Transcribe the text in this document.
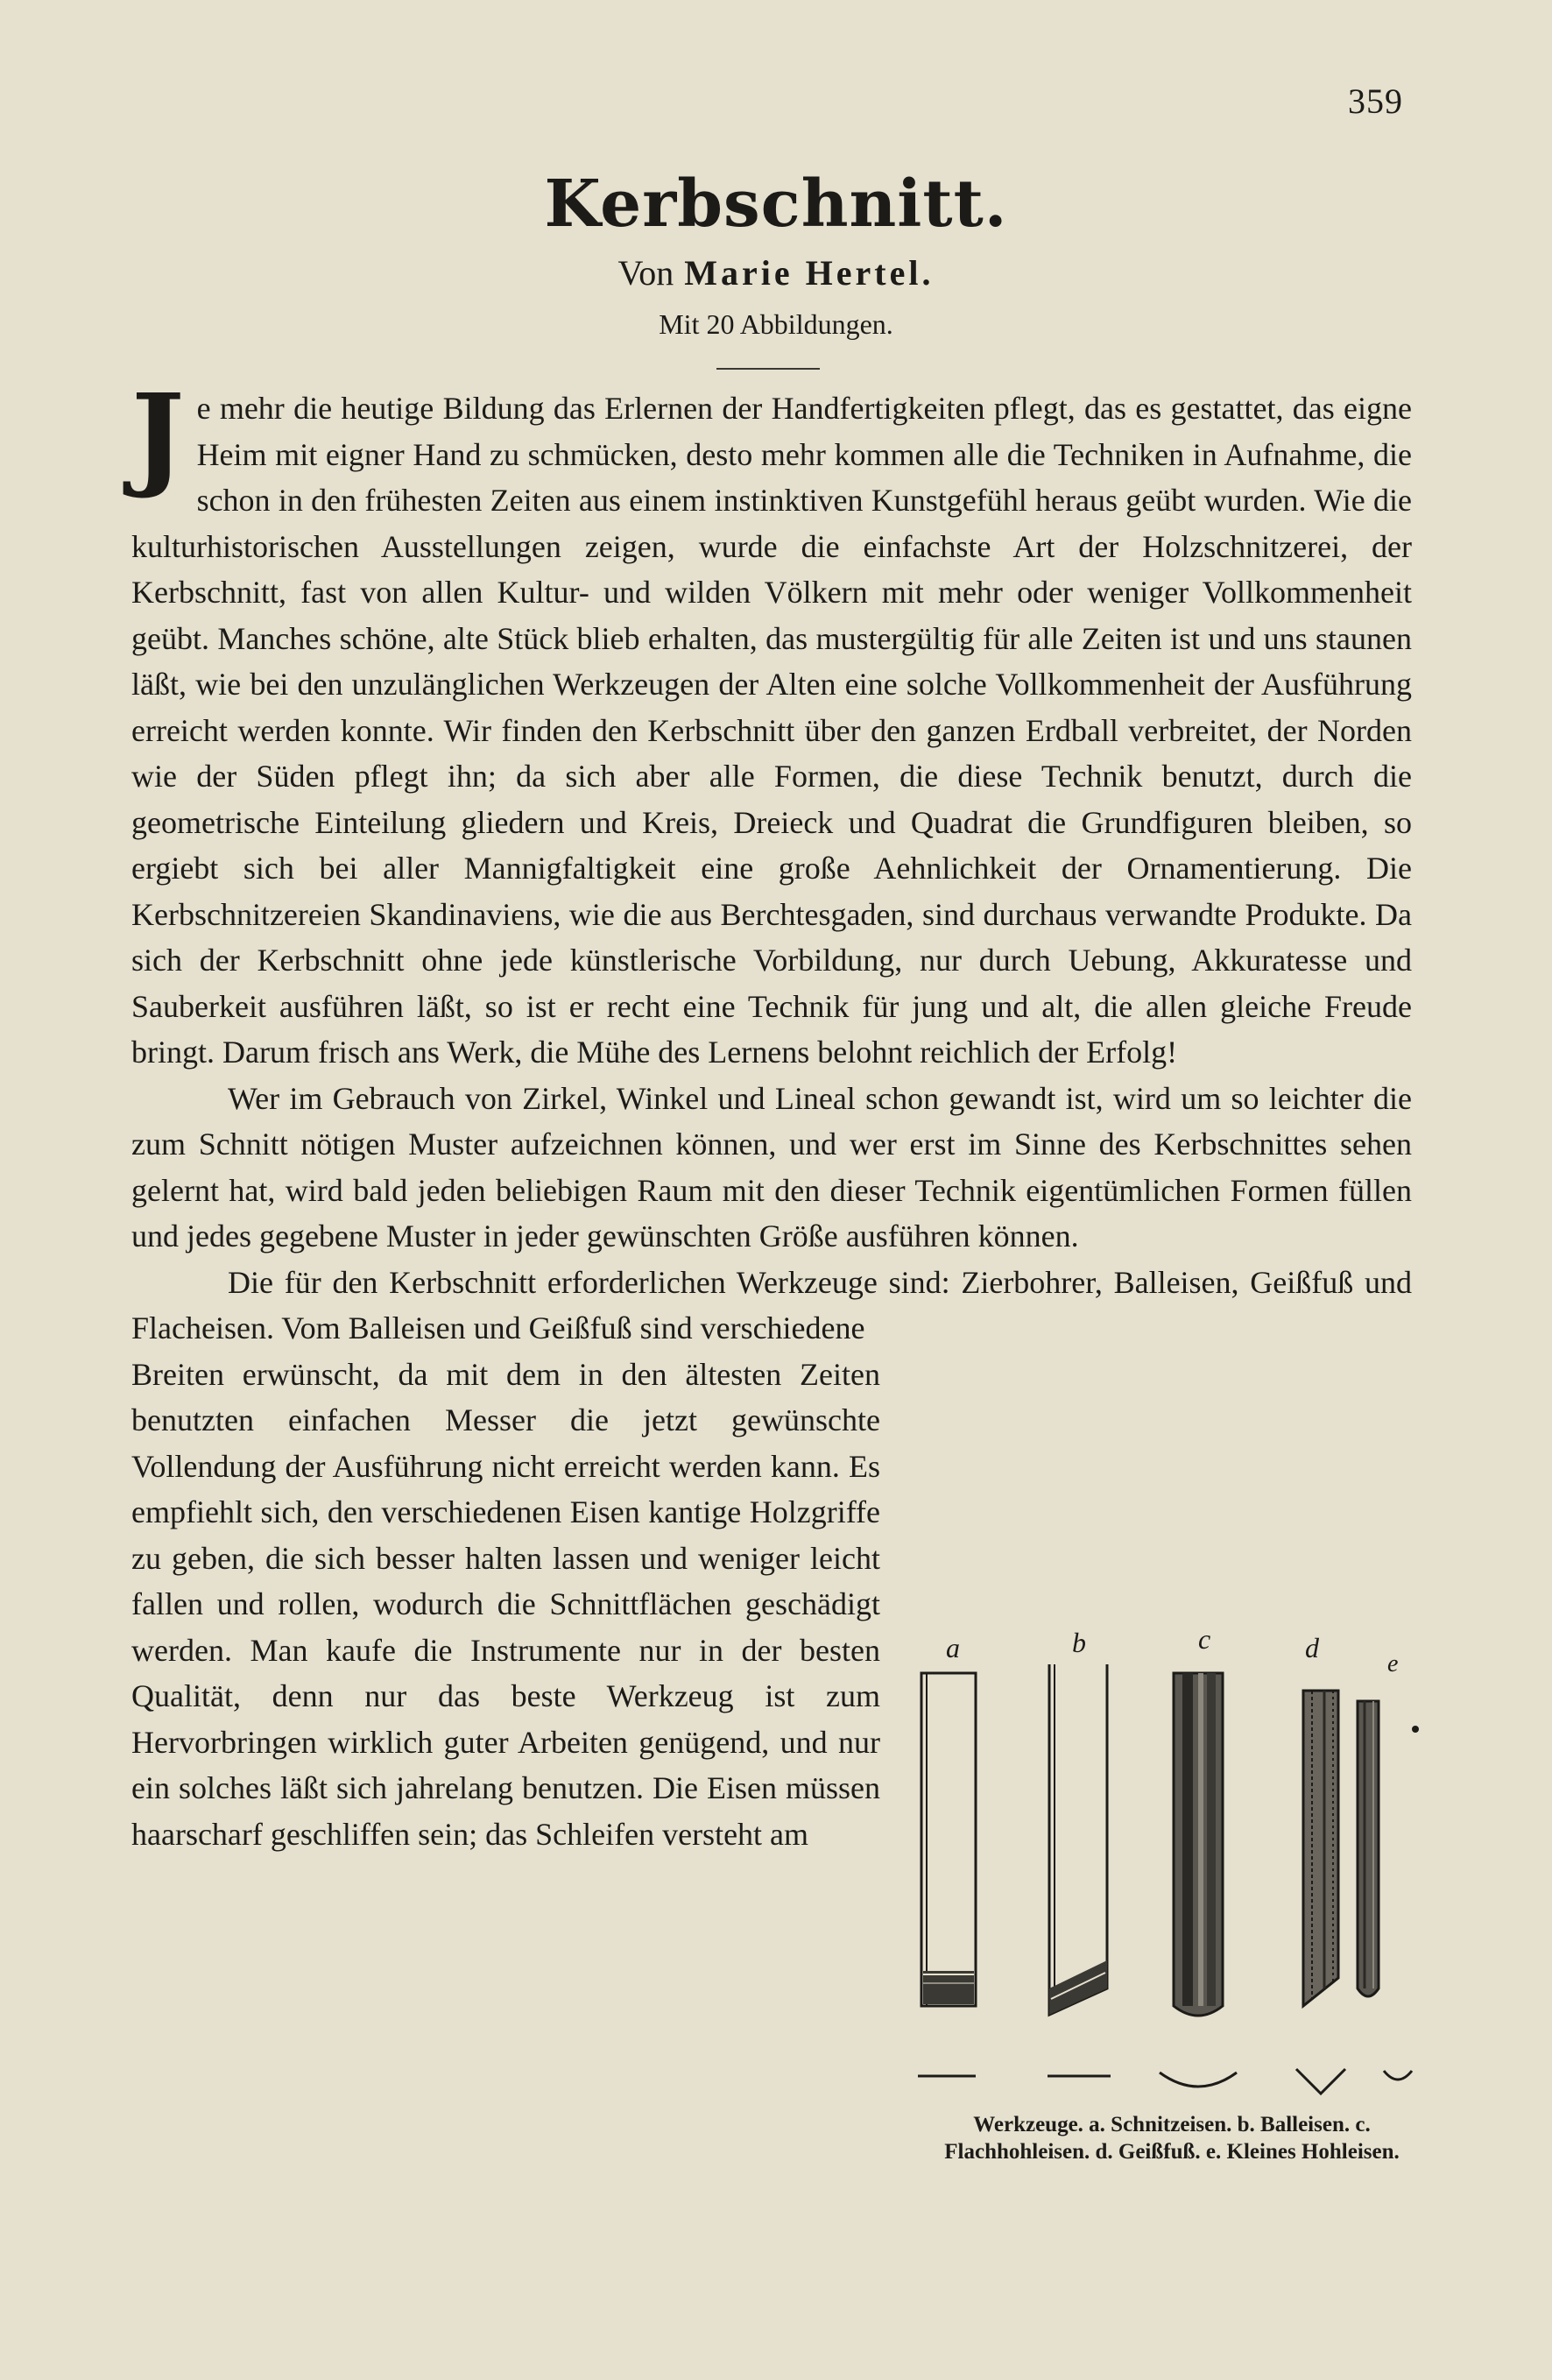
359
Kerbschnitt.
Von Marie Hertel.
Mit 20 Abbildungen.

Je mehr die heutige Bildung das Erlernen der Handfertigkeiten pflegt, das es gestattet, das eigne Heim mit eigner Hand zu schmücken, desto mehr kommen alle die Techniken in Aufnahme, die schon in den frühesten Zeiten aus einem instinktiven Kunstgefühl heraus geübt wurden. Wie die kulturhistorischen Ausstellungen zeigen, wurde die einfachste Art der Holzschnitzerei, der Kerbschnitt, fast von allen Kultur- und wilden Völkern mit mehr oder weniger Vollkommenheit geübt. Manches schöne, alte Stück blieb erhalten, das mustergültig für alle Zeiten ist und uns staunen läßt, wie bei den unzulänglichen Werkzeugen der Alten eine solche Vollkommenheit der Ausführung erreicht werden konnte. Wir finden den Kerbschnitt über den ganzen Erdball verbreitet, der Norden wie der Süden pflegt ihn; da sich aber alle Formen, die diese Technik benutzt, durch die geometrische Einteilung gliedern und Kreis, Dreieck und Quadrat die Grundfiguren bleiben, so ergiebt sich bei aller Mannigfaltigkeit eine große Aehnlichkeit der Ornamentierung. Die Kerbschnitzereien Skandinaviens, wie die aus Berchtesgaden, sind durchaus verwandte Produkte. Da sich der Kerbschnitt ohne jede künstlerische Vorbildung, nur durch Uebung, Akkuratesse und Sauberkeit ausführen läßt, so ist er recht eine Technik für jung und alt, die allen gleiche Freude bringt. Darum frisch ans Werk, die Mühe des Lernens belohnt reichlich der Erfolg!

Wer im Gebrauch von Zirkel, Winkel und Lineal schon gewandt ist, wird um so leichter die zum Schnitt nötigen Muster aufzeichnen können, und wer erst im Sinne des Kerbschnittes sehen gelernt hat, wird bald jeden beliebigen Raum mit den dieser Technik eigentümlichen Formen füllen und jedes gegebene Muster in jeder gewünschten Größe ausführen können.

Die für den Kerbschnitt erforderlichen Werkzeuge sind: Zierbohrer, Balleisen, Geißfuß und Flacheisen. Vom Balleisen und Geißfuß sind verschiedene

Breiten erwünscht, da mit dem in den ältesten Zeiten benutzten einfachen Messer die jetzt gewünschte Vollendung der Ausführung nicht erreicht werden kann. Es empfiehlt sich, den verschiedenen Eisen kantige Holzgriffe zu geben, die sich besser halten lassen und weniger leicht fallen und rollen, wodurch die Schnittflächen geschädigt werden. Man kaufe die Instrumente nur in der besten Qualität, denn nur das beste Werkzeug ist zum Hervorbringen wirklich guter Arbeiten genügend, und nur ein solches läßt sich jahrelang benutzen. Die Eisen müssen haarscharf geschliffen sein; das Schleifen versteht am
a	b	c	d
e
Werkzeuge. a. Schnitzeisen. b. Balleisen. c. Flachhohleisen. d. Geißfuß. e. Kleines Hohleisen.
